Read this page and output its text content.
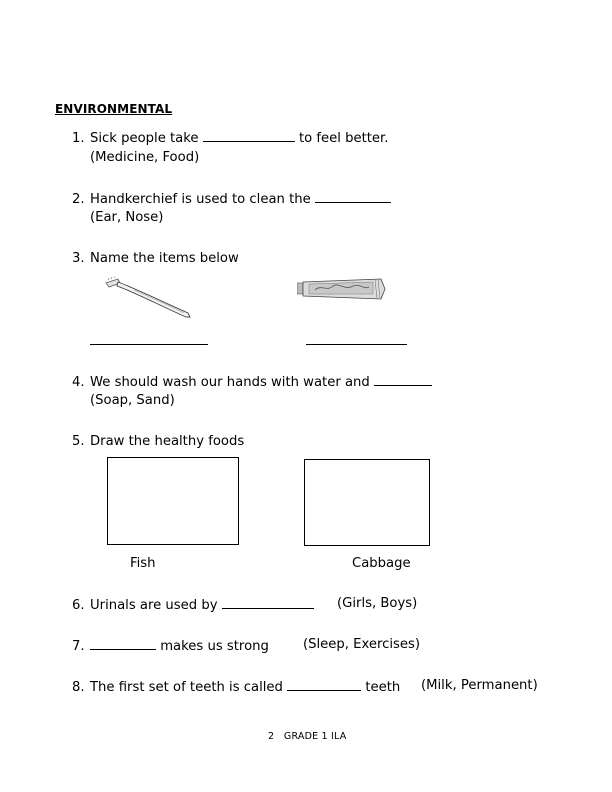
ENVIRONMENTAL
1. Sick people take	to feel better.
(Medicine, Food)
2. Handkerchief is used to clean the
(Ear, Nose)
3. Name the items below
4. We should wash our hands with water and
(Soap, Sand)
5. Draw the healthy foods
Fish	Cabbage
6. Urinals are used by	(Girls, Boys)
7.	makes us strong	(Sleep, Exercises)
8. The first set of teeth is called	teeth (Milk, Permanent)
2 GRADE 1 ILA
